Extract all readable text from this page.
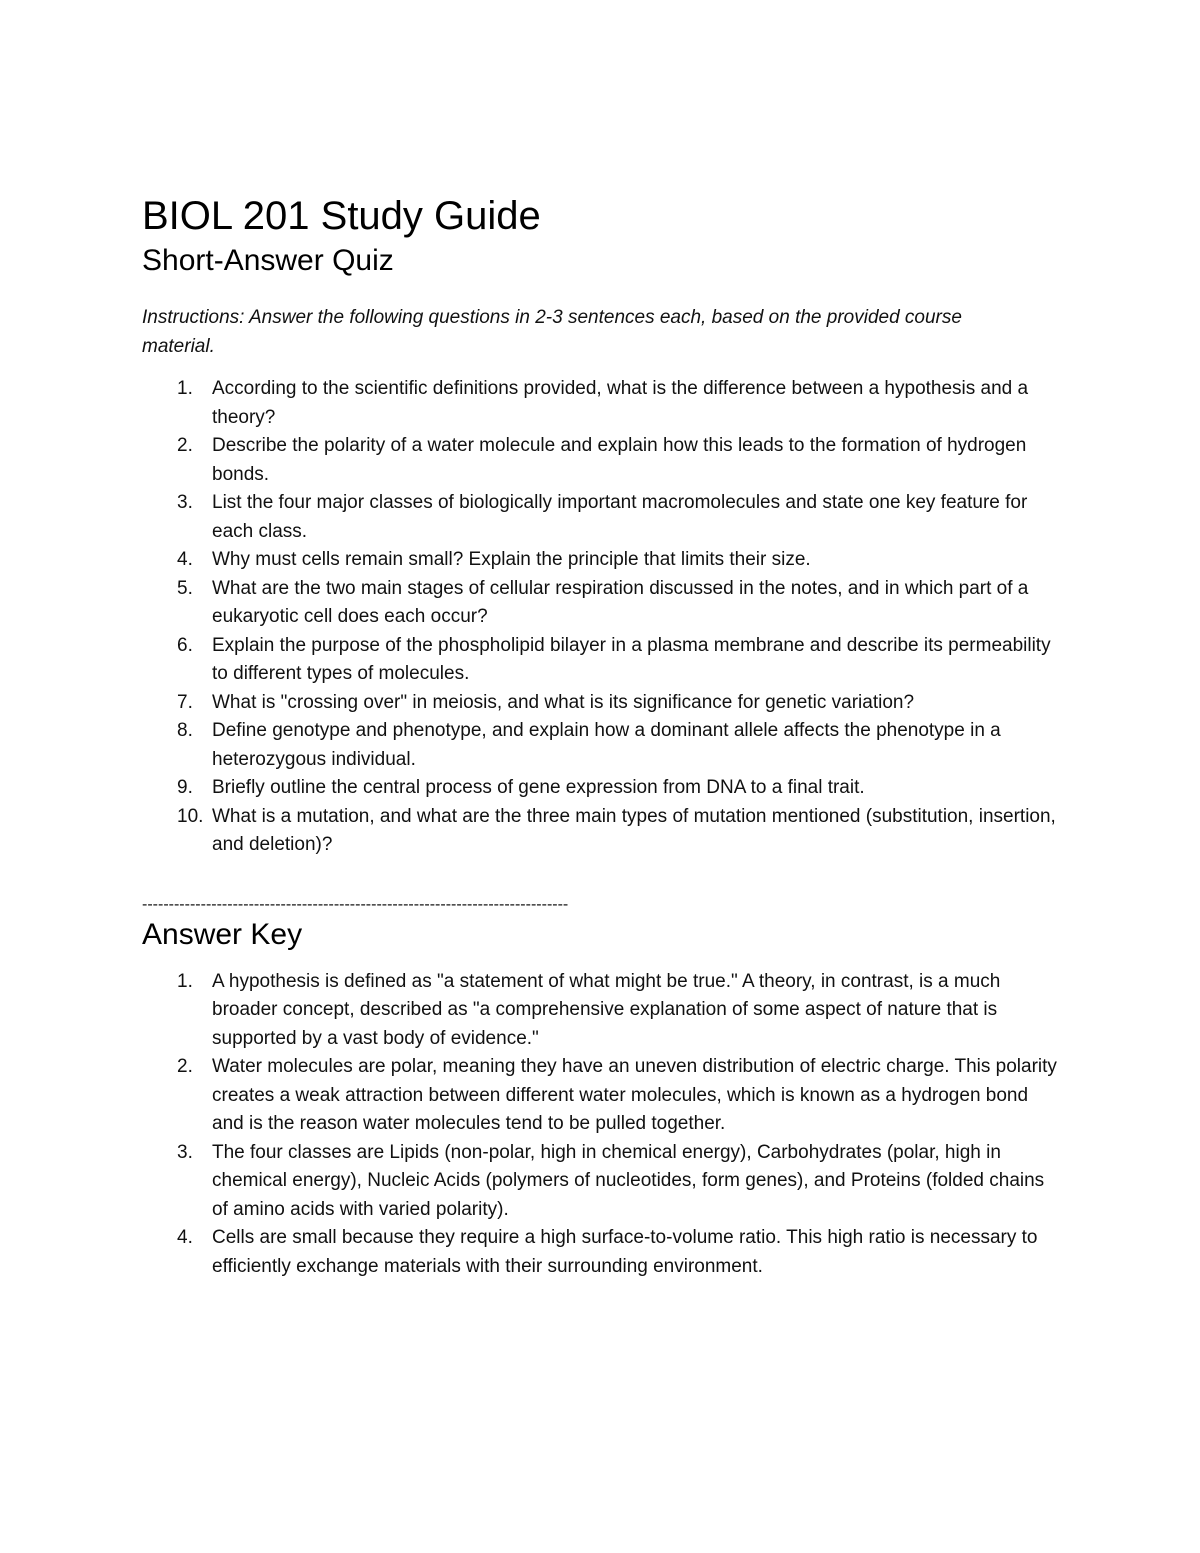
BIOL 201 Study Guide
Short-Answer Quiz

Instructions: Answer the following questions in 2-3 sentences each, based on the provided course material.

1. According to the scientific definitions provided, what is the difference between a hypothesis and a theory?
2. Describe the polarity of a water molecule and explain how this leads to the formation of hydrogen bonds.
3. List the four major classes of biologically important macromolecules and state one key feature for each class.
4. Why must cells remain small? Explain the principle that limits their size.
5. What are the two main stages of cellular respiration discussed in the notes, and in which part of a eukaryotic cell does each occur?
6. Explain the purpose of the phospholipid bilayer in a plasma membrane and describe its permeability to different types of molecules.
7. What is "crossing over" in meiosis, and what is its significance for genetic variation?
8. Define genotype and phenotype, and explain how a dominant allele affects the phenotype in a heterozygous individual.
9. Briefly outline the central process of gene expression from DNA to a final trait.
10. What is a mutation, and what are the three main types of mutation mentioned (substitution, insertion, and deletion)?
--------------------------------------------------------------------------------
Answer Key
1. A hypothesis is defined as "a statement of what might be true." A theory, in contrast, is a much broader concept, described as "a comprehensive explanation of some aspect of nature that is supported by a vast body of evidence."
2. Water molecules are polar, meaning they have an uneven distribution of electric charge. This polarity creates a weak attraction between different water molecules, which is known as a hydrogen bond and is the reason water molecules tend to be pulled together.
3. The four classes are Lipids (non-polar, high in chemical energy), Carbohydrates (polar, high in chemical energy), Nucleic Acids (polymers of nucleotides, form genes), and Proteins (folded chains of amino acids with varied polarity).
4. Cells are small because they require a high surface-to-volume ratio. This high ratio is necessary to efficiently exchange materials with their surrounding environment.
